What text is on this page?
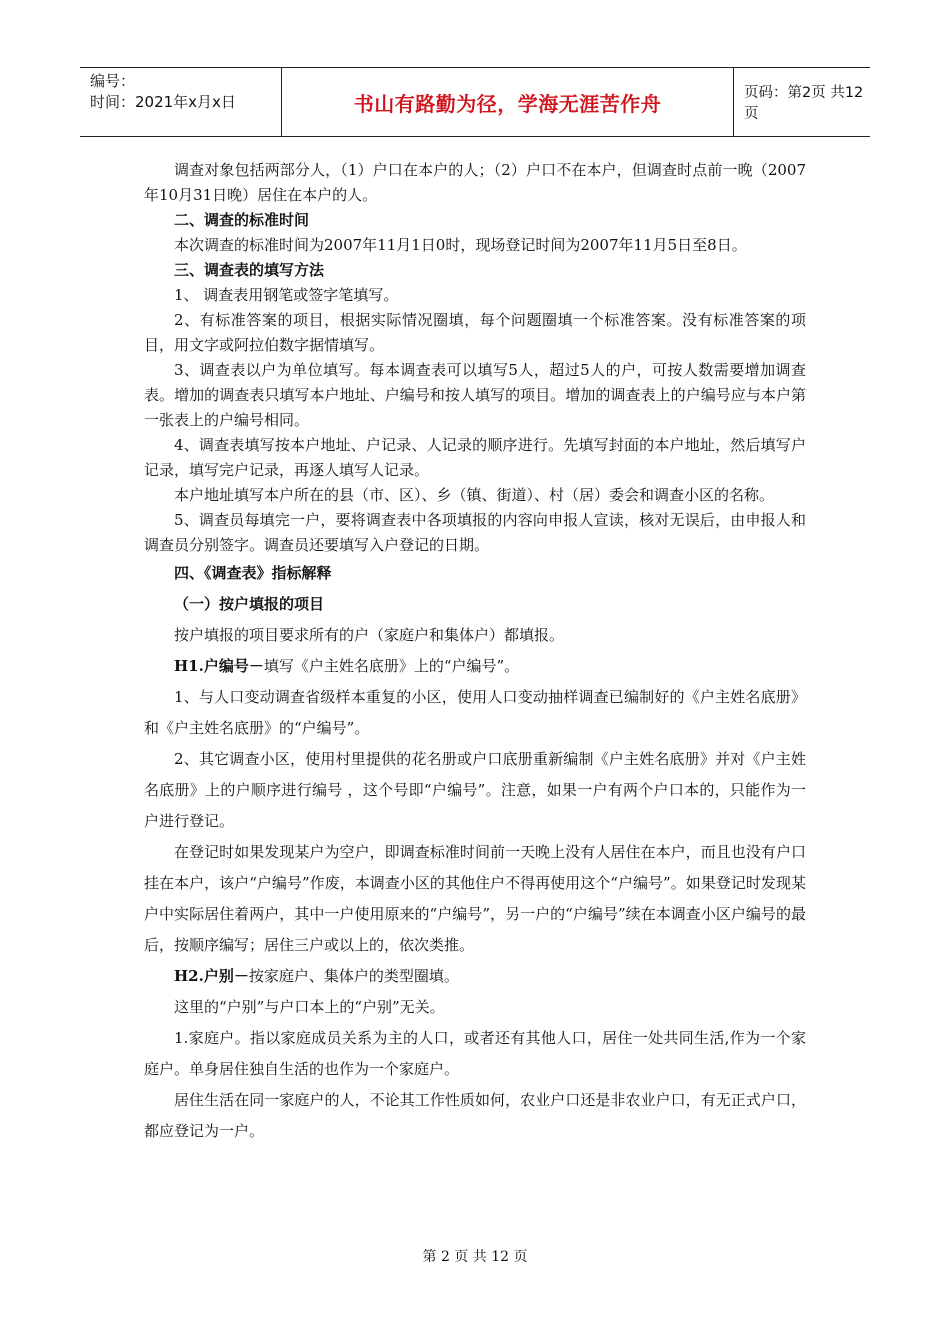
编号：
时间：2021年x月x日	书山有路勤为径，学海无涯苦作舟	页码：第2页 共12页

调查对象包括两部分人，（1）户口在本户的人；（2）户口不在本户，但调查时点前一晚（2007年10月31日晚）居住在本户的人。

二、调查的标准时间

本次调查的标准时间为2007年11月1日0时，现场登记时间为2007年11月5日至8日。

三、调查表的填写方法

1、 调查表用钢笔或签字笔填写。

2、有标准答案的项目，根据实际情况圈填，每个问题圈填一个标准答案。没有标准答案的项目，用文字或阿拉伯数字据情填写。

3、调查表以户为单位填写。每本调查表可以填写5人，超过5人的户，可按人数需要增加调查表。增加的调查表只填写本户地址、户编号和按人填写的项目。增加的调查表上的户编号应与本户第一张表上的户编号相同。

4、调查表填写按本户地址、户记录、人记录的顺序进行。先填写封面的本户地址，然后填写户记录，填写完户记录，再逐人填写人记录。

本户地址填写本户所在的县（市、区）、乡（镇、街道）、村（居）委会和调查小区的名称。

5、调查员每填完一户，要将调查表中各项填报的内容向申报人宣读，核对无误后，由申报人和调查员分别签字。调查员还要填写入户登记的日期。

四、《调查表》指标解释

（一）按户填报的项目

按户填报的项目要求所有的户（家庭户和集体户）都填报。

H1.户编号－填写《户主姓名底册》上的“户编号”。

1、与人口变动调查省级样本重复的小区，使用人口变动抽样调查已编制好的《户主姓名底册》和《户主姓名底册》的“户编号”。

2、其它调查小区，使用村里提供的花名册或户口底册重新编制《户主姓名底册》并对《户主姓名底册》上的户顺序进行编号 ，这个号即“户编号”。注意，如果一户有两个户口本的，只能作为一户进行登记。

在登记时如果发现某户为空户，即调查标准时间前一天晚上没有人居住在本户，而且也没有户口挂在本户，该户“户编号”作废，本调查小区的其他住户不得再使用这个“户编号”。如果登记时发现某户中实际居住着两户，其中一户使用原来的“户编号”，另一户的“户编号”续在本调查小区户编号的最后，按顺序编写；居住三户或以上的，依次类推。

H2.户别－按家庭户、集体户的类型圈填。

这里的“户别”与户口本上的“户别”无关。

1.家庭户。指以家庭成员关系为主的人口，或者还有其他人口，居住一处共同生活,作为一个家庭户。单身居住独自生活的也作为一个家庭户。

居住生活在同一家庭户的人，不论其工作性质如何，农业户口还是非农业户口，有无正式户口，都应登记为一户。

第 2 页 共 12 页
